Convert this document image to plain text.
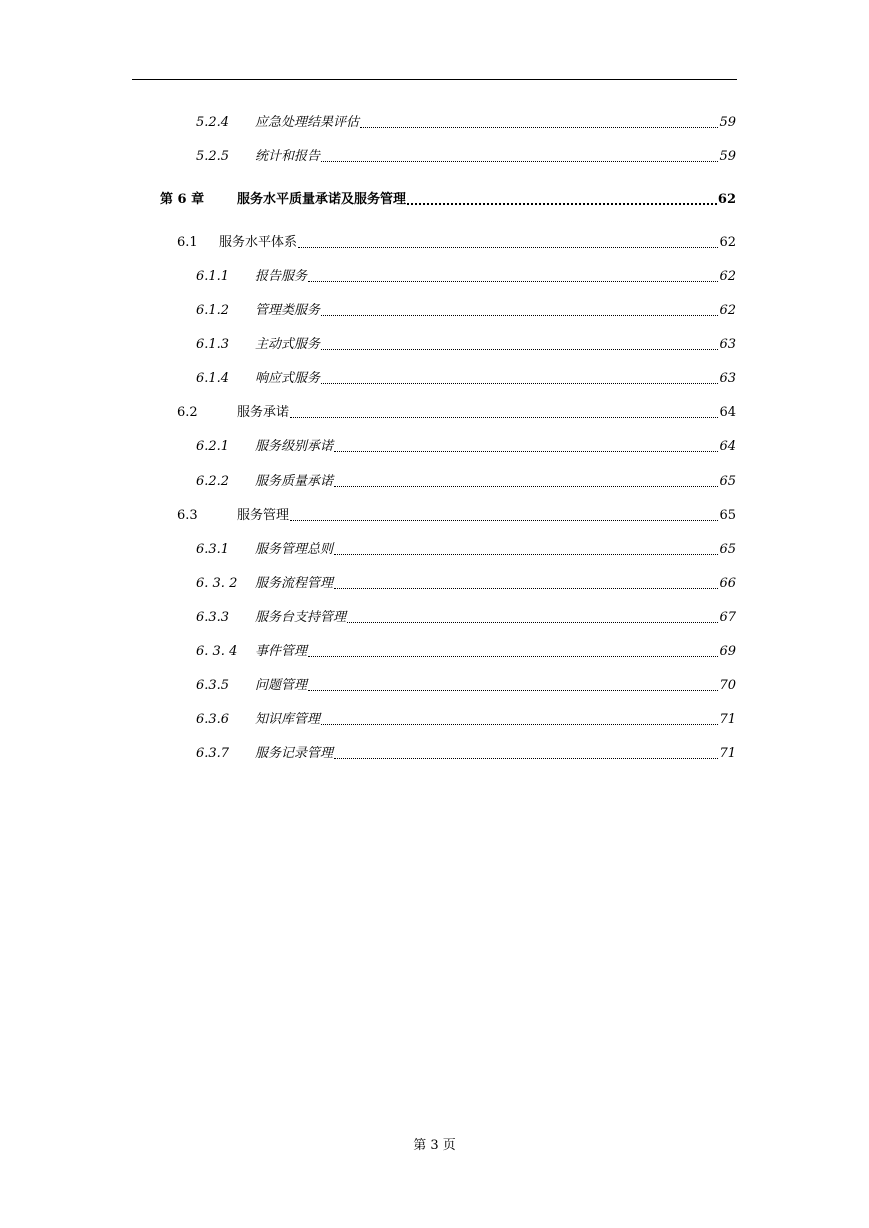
5.2.4	应急处理结果评估	59
5.2.5	统计和报告	59
第 6 章	服务水平质量承诺及服务管理	62
6.1	服务水平体系	62
6.1.1	报告服务	62
6.1.2	管理类服务	62
6.1.3	主动式服务	63
6.1.4	响应式服务	63
6.2	服务承诺	64
6.2.1	服务级别承诺	64
6.2.2	服务质量承诺	65
6.3	服务管理	65
6.3.1	服务管理总则	65
6. 3. 2	服务流程管理	66
6.3.3	服务台支持管理	67
6. 3. 4	事件管理	69
6.3.5	问题管理	70
6.3.6	知识库管理	71
6.3.7	服务记录管理	71
第 3 页
